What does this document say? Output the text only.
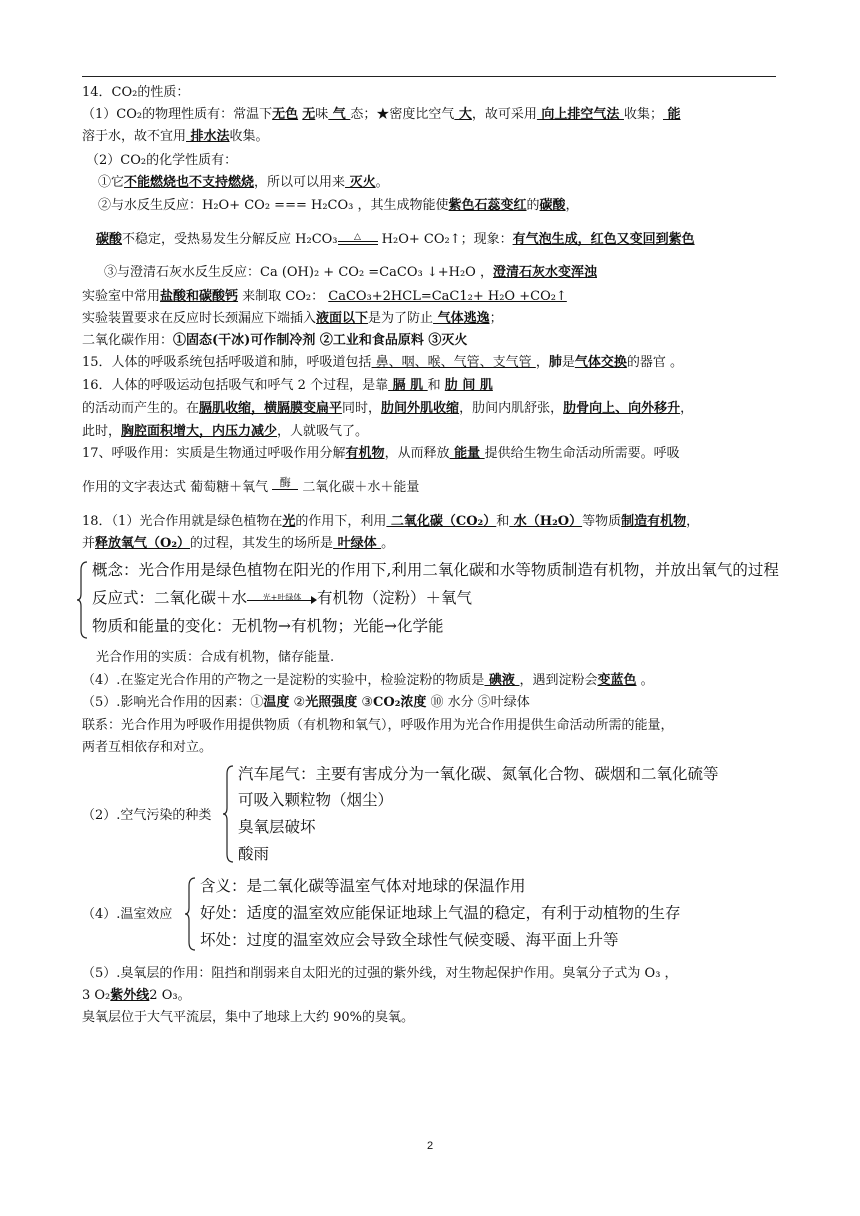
14．CO₂的性质：
（1）CO₂的物理性质有：常温下无色 无味 气 态；★密度比空气 大，故可采用 向上排空气法 收集； 能
溶于水，故不宜用 排水法收集。
（2）CO₂的化学性质有：
①它不能燃烧也不支持燃烧，所以可以用来 灭火。
②与水反生反应：H₂O+ CO₂ === H₂CO₃ ，其生成物能使紫色石蕊变红的碳酸，
碳酸不稳定，受热易发生分解反应 H₂CO₃	△	H₂O+ CO₂↑；现象：有气泡生成，红色又变回到紫色
③与澄清石灰水反生反应：Ca (OH)₂ + CO₂ =CaCO₃ ↓+H₂O ，澄清石灰水变浑浊
实验室中常用盐酸和碳酸钙 来制取 CO₂： CaCO₃+2HCL=CaC1₂+ H₂O +CO₂↑
实验装置要求在反应时长颈漏应下端插入液面以下是为了防止 气体逃逸；
二氧化碳作用：①固态(干冰)可作制冷剂 ②工业和食品原料 ③灭火
15．人体的呼吸系统包括呼吸道和肺，呼吸道包括 鼻、咽、喉、气管、支气管 ，肺是气体交换的器官 。
16．人体的呼吸运动包括吸气和呼气 2 个过程，是靠 膈 肌 和 肋 间 肌
的活动而产生的。在膈肌收缩，横膈膜变扁平同时，肋间外肌收缩，肋间内肌舒张，肋骨向上、向外移升，
此时，胸腔面积增大，内压力减少，人就吸气了。
17、呼吸作用：实质是生物通过呼吸作用分解有机物，从而释放 能量 提供给生物生命活动所需要。呼吸
作用的文字表达式 葡萄糖＋氧气 酶 二氧化碳＋水＋能量
18．（1）光合作用就是绿色植物在光的作用下，利用 二氧化碳（CO₂）和 水（H₂O）等物质制造有机物，
并释放氧气（O₂）的过程，其发生的场所是 叶绿体 。
概念：光合作用是绿色植物在阳光的作用下,利用二氧化碳和水等物质制造有机物，并放出氧气的过程
反应式：二氧化碳＋水	光+叶绿体	有机物（淀粉）＋氧气
物质和能量的变化：无机物→有机物；光能→化学能
光合作用的实质：合成有机物，储存能量.
（4）.在鉴定光合作用的产物之一是淀粉的实验中，检验淀粉的物质是 碘液 ，遇到淀粉会变蓝色 。
（5）.影响光合作用的因素：①温度 ②光照强度 ③CO₂浓度 ⑩ 水分 ⑤叶绿体
联系：光合作用为呼吸作用提供物质（有机物和氧气），呼吸作用为光合作用提供生命活动所需的能量，
两者互相依存和对立。
（2）.空气污染的种类
汽车尾气：主要有害成分为一氧化碳、氮氧化合物、碳烟和二氧化硫等
可吸入颗粒物（烟尘）
臭氧层破坏
酸雨
（4）.温室效应
含义：是二氧化碳等温室气体对地球的保温作用
好处：适度的温室效应能保证地球上气温的稳定，有利于动植物的生存
坏处：过度的温室效应会导致全球性气候变暖、海平面上升等
（5）.臭氧层的作用：阻挡和削弱来自太阳光的过强的紫外线，对生物起保护作用。臭氧分子式为 O₃ ，
3 O₂紫外线2 O₃。
臭氧层位于大气平流层，集中了地球上大约 90%的臭氧。
2
